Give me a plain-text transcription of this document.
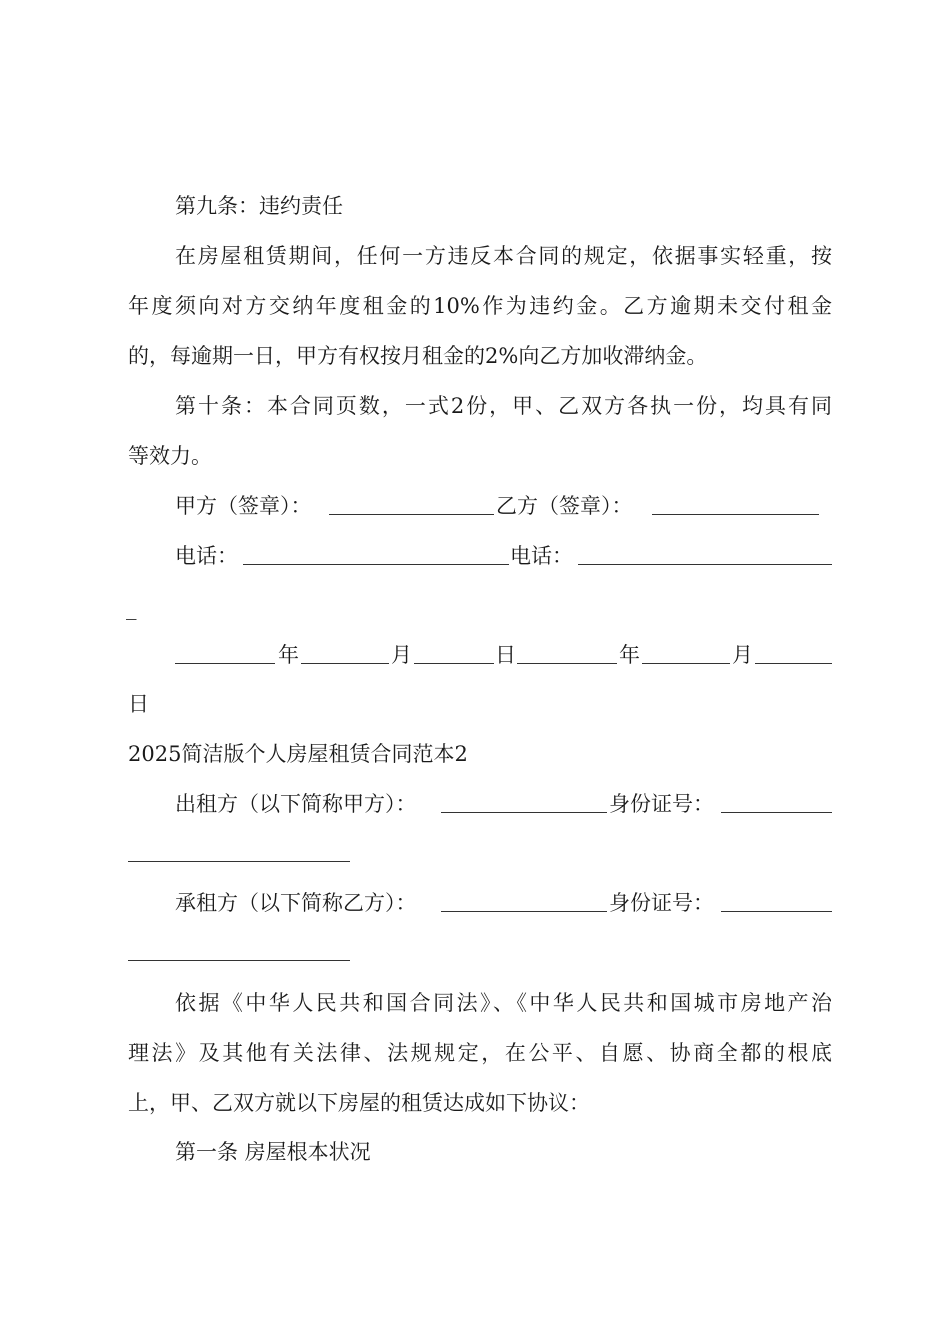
第九条：违约责任
在房屋租赁期间，任何一方违反本合同的规定，依据事实轻重，按
年度须向对方交纳年度租金的10%作为违约金。乙方逾期未交付租金
的，每逾期一日，甲方有权按月租金的2%向乙方加收滞纳金。
第十条：本合同页数，一式2份，甲、乙双方各执一份，均具有同
等效力。
甲方（签章）：	乙方（签章）：
电话：	电话：
_
年	月	日	年	月
日
2025简洁版个人房屋租赁合同范本2
出租方（以下简称甲方）：	身份证号：
承租方（以下简称乙方）：	身份证号：
依据《中华人民共和国合同法》、《中华人民共和国城市房地产治
理法》及其他有关法律、法规规定，在公平、自愿、协商全都的根底
上，甲、乙双方就以下房屋的租赁达成如下协议：
第一条 房屋根本状况
